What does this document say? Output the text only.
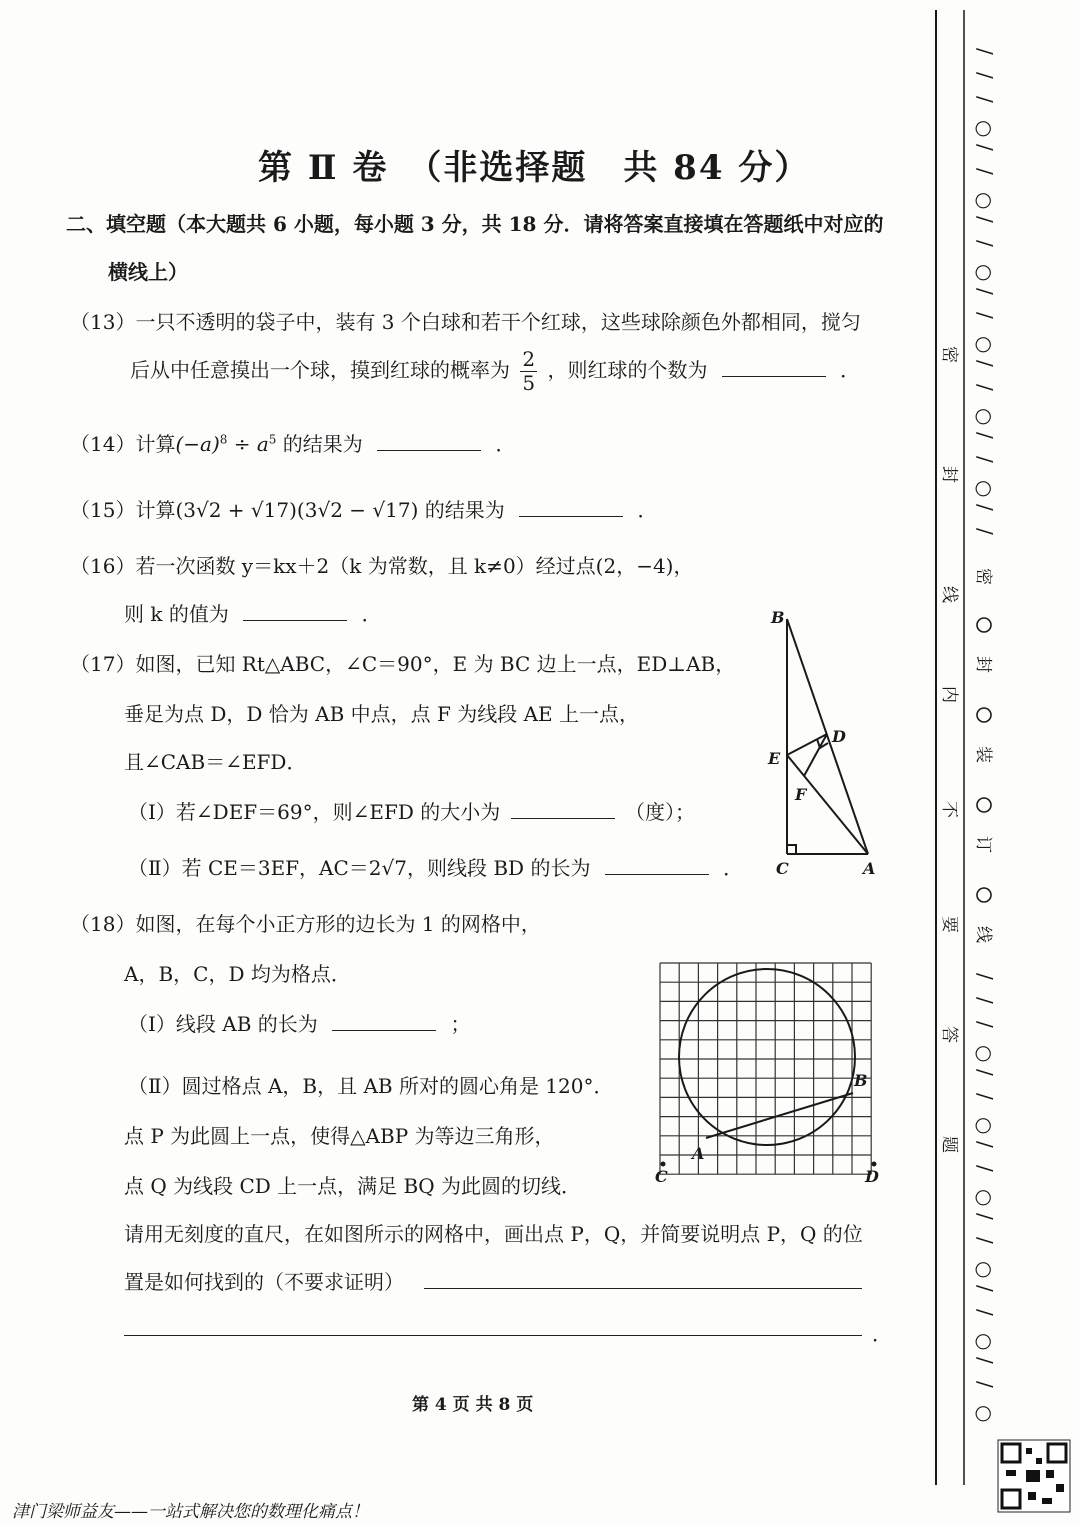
第 Ⅱ 卷　（非选择题　共 84 分）
二、填空题（本大题共 6 小题，每小题 3 分，共 18 分．请将答案直接填在答题纸中对应的
横线上）
（13）一只不透明的袋子中，装有 3 个白球和若干个红球，这些球除颜色外都相同，搅匀
后从中任意摸出一个球，摸到红球的概率为 $\frac{2}{5}$ ，则红球的个数为	．
（14）计算$(-a)^8 \div a^5$ 的结果为	．
（15）计算(3√2 + √17)(3√2 − √17) 的结果为	．
（16）若一次函数 y＝kx＋2（k 为常数，且 k≠0）经过点(2，−4)，
则 k 的值为	．
（17）如图，已知 Rt△ABC，∠C＝90°，E 为 BC 边上一点，ED⊥AB，
垂足为点 D，D 恰为 AB 中点，点 F 为线段 AE 上一点，
且∠CAB＝∠EFD．
（Ⅰ）若∠DEF＝69°，则∠EFD 的大小为	（度）；
（Ⅱ）若 CE＝3EF，AC＝2√7，则线段 BD 的长为	．
B
D
E
F
C	A
（18）如图，在每个小正方形的边长为 1 的网格中，
A，B，C，D 均为格点．
（Ⅰ）线段 AB 的长为	；
（Ⅱ）圆过格点 A，B，且 AB 所对的圆心角是 120°．
点 P 为此圆上一点，使得△ABP 为等边三角形，
点 Q 为线段 CD 上一点，满足 BQ 为此圆的切线．
请用无刻度的直尺，在如图所示的网格中，画出点 P，Q，并简要说明点 P，Q 的位
置是如何找到的（不要求证明）
．
A
B
C	D
第 4 页 共 8 页
津门梁师益友——一站式解决您的数理化痛点！
/
/
/
○
/
/
○
/
/
○
/
/
○
/
/
○
/
/
○
/
/
/
/
/
○
/
/
○
/
/
○
/
/
○
/
/
○
/
/
○
密
封
线
内
不
要
答
题
密
封
装
订
线
